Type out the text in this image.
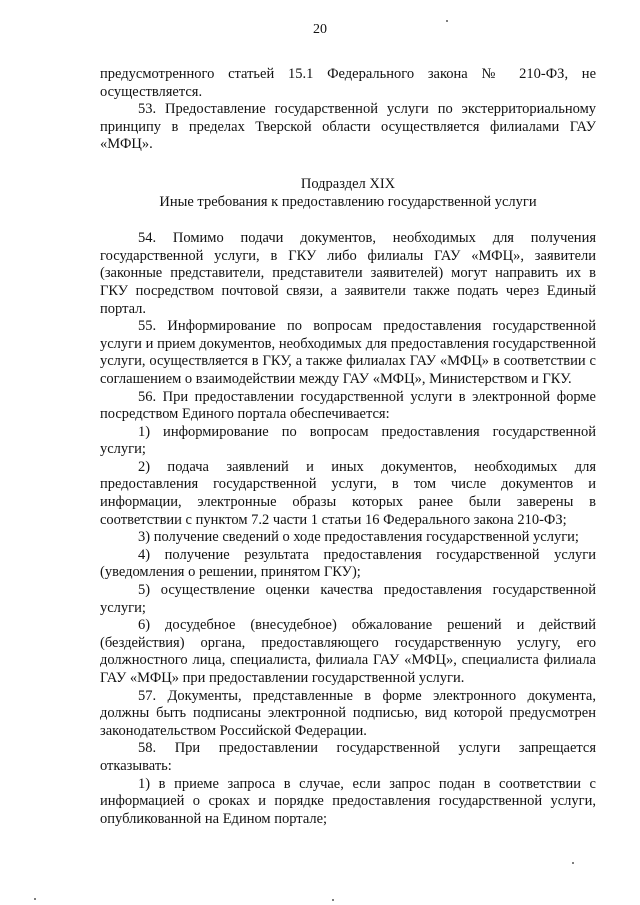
20

предусмотренного статьей 15.1 Федерального закона № 210-ФЗ, не осуществляется.

53. Предоставление государственной услуги по экстерриториальному принципу в пределах Тверской области осуществляется филиалами ГАУ «МФЦ».

Подраздел XIX

Иные требования к предоставлению государственной услуги

54. Помимо подачи документов, необходимых для получения государственной услуги, в ГКУ либо филиалы ГАУ «МФЦ», заявители (законные представители, представители заявителей) могут направить их в ГКУ посредством почтовой связи, а заявители также подать через Единый портал.

55. Информирование по вопросам предоставления государственной услуги и прием документов, необходимых для предоставления государственной услуги, осуществляется в ГКУ, а также филиалах ГАУ «МФЦ» в соответствии с соглашением о взаимодействии между ГАУ «МФЦ», Министерством и ГКУ.

56. При предоставлении государственной услуги в электронной форме посредством Единого портала обеспечивается:

1) информирование по вопросам предоставления государственной услуги;

2) подача заявлений и иных документов, необходимых для предоставления государственной услуги, в том числе документов и информации, электронные образы которых ранее были заверены в соответствии с пунктом 7.2 части 1 статьи 16 Федерального закона 210-ФЗ;

3) получение сведений о ходе предоставления государственной услуги;

4) получение результата предоставления государственной услуги (уведомления о решении, принятом ГКУ);

5) осуществление оценки качества предоставления государственной услуги;

6) досудебное (внесудебное) обжалование решений и действий (бездействия) органа, предоставляющего государственную услугу, его должностного лица, специалиста, филиала ГАУ «МФЦ», специалиста филиала ГАУ «МФЦ» при предоставлении государственной услуги.

57. Документы, представленные в форме электронного документа, должны быть подписаны электронной подписью, вид которой предусмотрен законодательством Российской Федерации.

58. При предоставлении государственной услуги запрещается отказывать:

1) в приеме запроса в случае, если запрос подан в соответствии с информацией о сроках и порядке предоставления государственной услуги, опубликованной на Едином портале;
